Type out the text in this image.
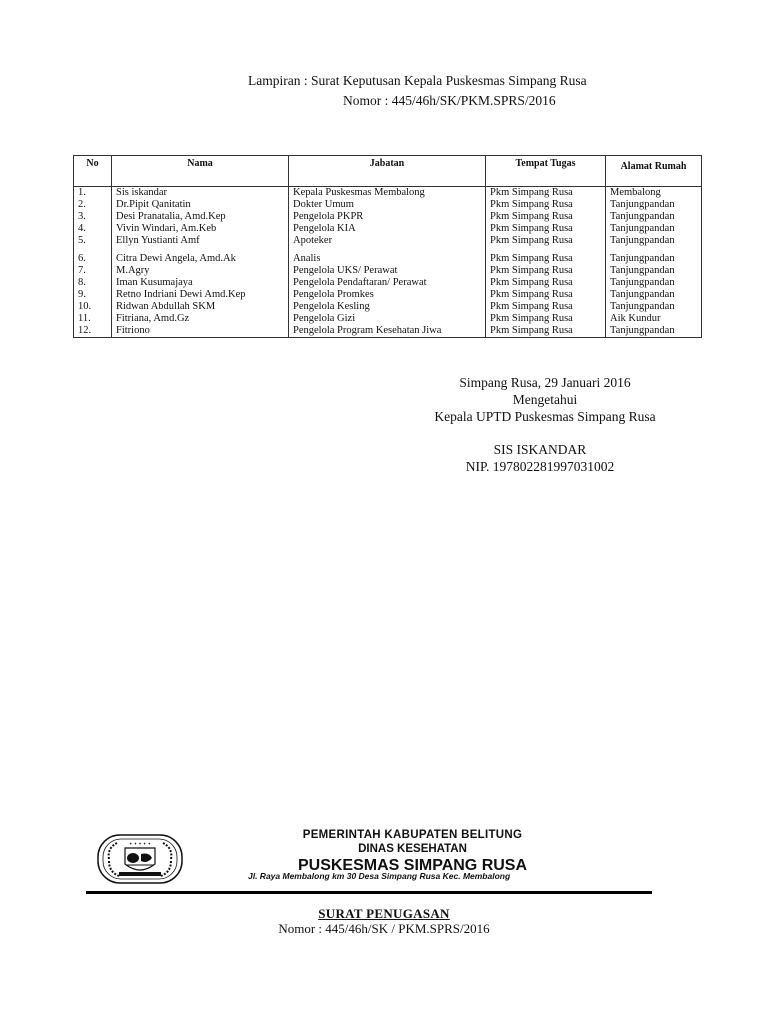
Lampiran : Surat Keputusan Kepala Puskesmas Simpang Rusa
Nomor : 445/46h/SK/PKM.SPRS/2016
No	Nama	Jabatan	Tempat Tugas	Alamat Rumah
1.	Sis iskandar	Kepala Puskesmas Membalong	Pkm Simpang Rusa	Membalong
2.	Dr.Pipit Qanitatin	Dokter Umum	Pkm Simpang Rusa	Tanjungpandan
3.	Desi Pranatalia, Amd.Kep	Pengelola PKPR	Pkm Simpang Rusa	Tanjungpandan
4.	Vivin Windari, Am.Keb	Pengelola KIA	Pkm Simpang Rusa	Tanjungpandan
5.	Ellyn Yustianti Amf	Apoteker	Pkm Simpang Rusa	Tanjungpandan
6.	Citra Dewi Angela, Amd.Ak	Analis	Pkm Simpang Rusa	Tanjungpandan
7.	M.Agry	Pengelola UKS/ Perawat	Pkm Simpang Rusa	Tanjungpandan
8.	Iman Kusumajaya	Pengelola Pendaftaran/ Perawat	Pkm Simpang Rusa	Tanjungpandan
9.	Retno Indriani Dewi Amd.Kep	Pengelola Promkes	Pkm Simpang Rusa	Tanjungpandan
10.	Ridwan Abdullah SKM	Pengelola Kesling	Pkm Simpang Rusa	Tanjungpandan
11.	Fitriana, Amd.Gz	Pengelola Gizi	Pkm Simpang Rusa	Aik Kundur
12.	Fitriono	Pengelola Program Kesehatan Jiwa	Pkm Simpang Rusa	Tanjungpandan
Simpang Rusa, 29 Januari 2016
Mengetahui
Kepala UPTD Puskesmas Simpang Rusa
SIS ISKANDAR
NIP. 197802281997031002
✦ ✦ ✦ ✦ ✦
PEMERINTAH KABUPATEN BELITUNG
DINAS KESEHATAN
PUSKESMAS SIMPANG RUSA
Jl. Raya Membalong km 30 Desa Simpang Rusa Kec. Membalong
SURAT PENUGASAN
Nomor : 445/46h/SK / PKM.SPRS/2016
